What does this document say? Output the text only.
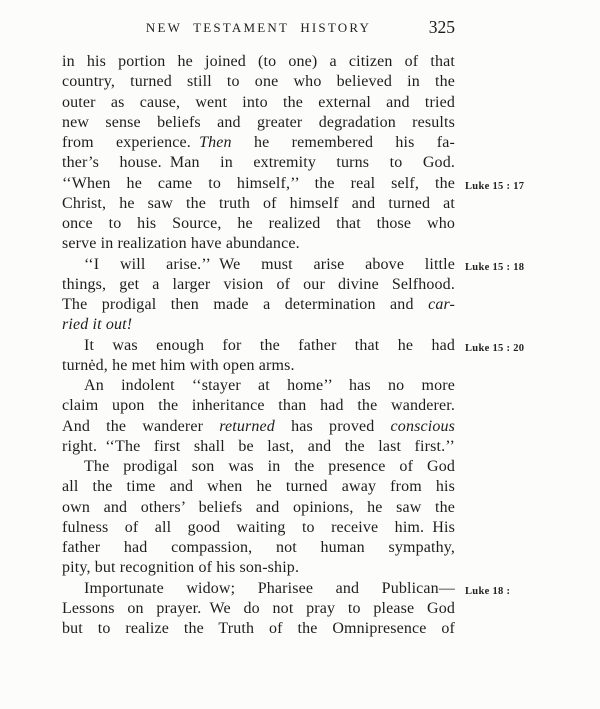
NEW TESTAMENT HISTORY	325
in his portion he joined (to one) a citizen of that
country, turned still to one who believed in the
outer as cause, went into the external and tried
new sense beliefs and greater degradation results
from experience. Then he remembered his fa-
ther’s house. Man in extremity turns to God.
‘‘When he came to himself,’’ the real self, the Luke 15 : 17
Christ, he saw the truth of himself and turned at
once to his Source, he realized that those who
serve in realization have abundance.
‘‘I will arise.’’ We must arise above little Luke 15 : 18
things, get a larger vision of our divine Selfhood.
The prodigal then made a determination and car-
ried it out!
It was enough for the father that he had Luke 15 : 20
turnėd, he met him with open arms.
An indolent ‘‘stayer at home’’ has no more
claim upon the inheritance than had the wanderer.
And the wanderer returned has proved conscious
right. ‘‘The first shall be last, and the last first.’’
The prodigal son was in the presence of God
all the time and when he turned away from his
own and others’ beliefs and opinions, he saw the
fulness of all good waiting to receive him. His
father had compassion, not human sympathy,
pity, but recognition of his son-ship.
Importunate widow; Pharisee and Publican— Luke 18 :
Lessons on prayer. We do not pray to please God
but to realize the Truth of the Omnipresence of
